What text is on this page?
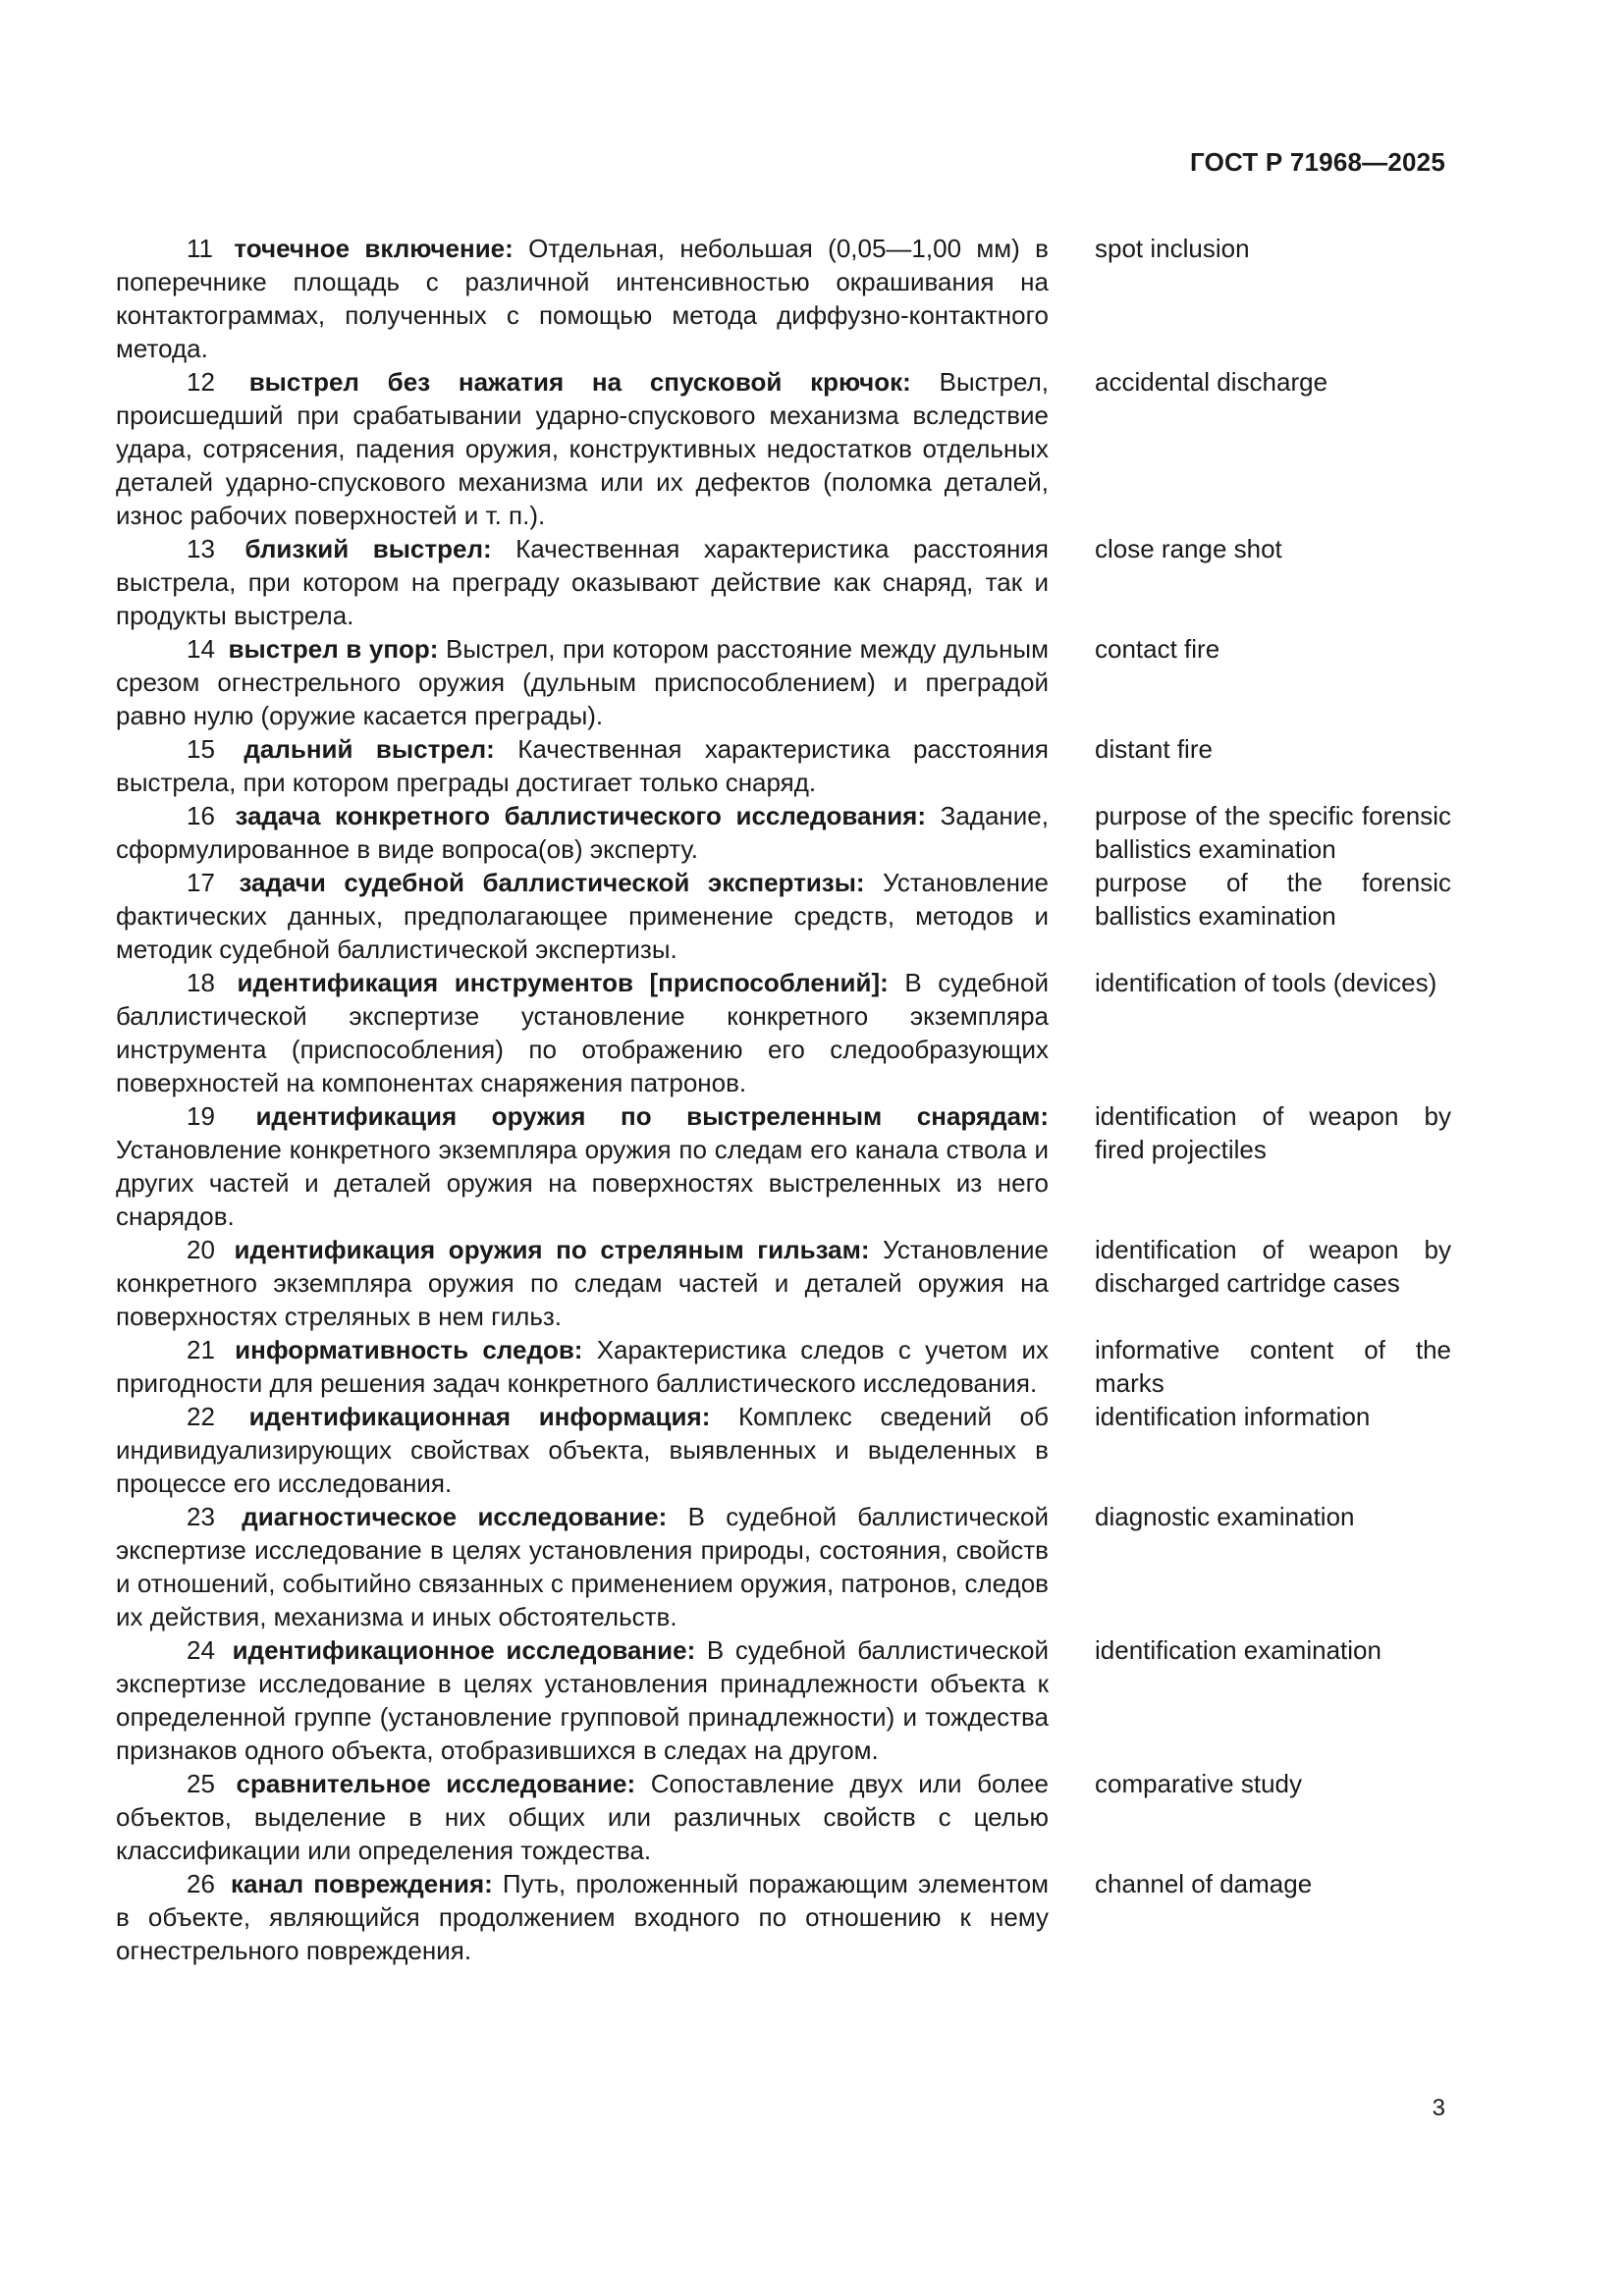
ГОСТ Р 71968—2025
11 точечное включение: Отдельная, небольшая (0,05—1,00 мм) в поперечнике площадь с различной интенсивностью окрашивания на контактограммах, полученных с помощью метода диффузно-контактного метода.
spot inclusion
12 выстрел без нажатия на спусковой крючок: Выстрел, происшедший при срабатывании ударно-спускового механизма вследствие удара, сотрясения, падения оружия, конструктивных недостатков отдельных деталей ударно-спускового механизма или их дефектов (поломка деталей, износ рабочих поверхностей и т. п.).
accidental discharge
13 близкий выстрел: Качественная характеристика расстояния выстрела, при котором на преграду оказывают действие как снаряд, так и продукты выстрела.
close range shot
14 выстрел в упор: Выстрел, при котором расстояние между дульным срезом огнестрельного оружия (дульным приспособлением) и преградой равно нулю (оружие касается преграды).
contact fire
15 дальний выстрел: Качественная характеристика расстояния выстрела, при котором преграды достигает только снаряд.
distant fire
16 задача конкретного баллистического исследования: Задание, сформулированное в виде вопроса(ов) эксперту.
purpose of the specific forensic ballistics examination
17 задачи судебной баллистической экспертизы: Установление фактических данных, предполагающее применение средств, методов и методик судебной баллистической экспертизы.
purpose of the forensic ballistics examination
18 идентификация инструментов [приспособлений]: В судебной баллистической экспертизе установление конкретного экземпляра инструмента (приспособления) по отображению его следообразующих поверхностей на компонентах снаряжения патронов.
identification of tools (devices)
19 идентификация оружия по выстреленным снарядам: Установление конкретного экземпляра оружия по следам его канала ствола и других частей и деталей оружия на поверхностях выстреленных из него снарядов.
identification of weapon by fired projectiles
20 идентификация оружия по стреляным гильзам: Установление конкретного экземпляра оружия по следам частей и деталей оружия на поверхностях стреляных в нем гильз.
identification of weapon by discharged cartridge cases
21 информативность следов: Характеристика следов с учетом их пригодности для решения задач конкретного баллистического исследования.
informative content of the marks
22 идентификационная информация: Комплекс сведений об индивидуализирующих свойствах объекта, выявленных и выделенных в процессе его исследования.
identification information
23 диагностическое исследование: В судебной баллистической экспертизе исследование в целях установления природы, состояния, свойств и отношений, событийно связанных с применением оружия, патронов, следов их действия, механизма и иных обстоятельств.
diagnostic examination
24 идентификационное исследование: В судебной баллистической экспертизе исследование в целях установления принадлежности объекта к определенной группе (установление групповой принадлежности) и тождества признаков одного объекта, отобразившихся в следах на другом.
identification examination
25 сравнительное исследование: Сопоставление двух или более объектов, выделение в них общих или различных свойств с целью классификации или определения тождества.
comparative study
26 канал повреждения: Путь, проложенный поражающим элементом в объекте, являющийся продолжением входного по отношению к нему огнестрельного повреждения.
channel of damage
3
